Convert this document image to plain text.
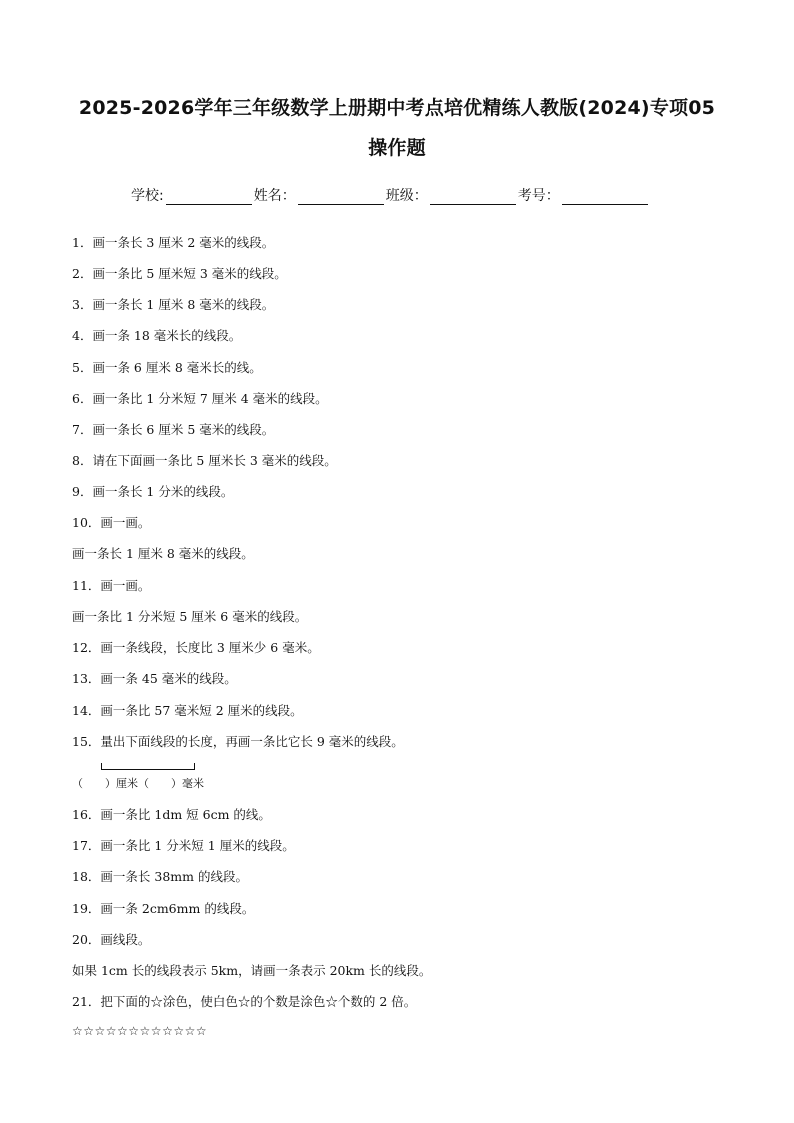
2025-2026学年三年级数学上册期中考点培优精练人教版(2024)专项05
操作题
学校:	姓名：	班级：	考号：
1．画一条长 3 厘米 2 毫米的线段。
2．画一条比 5 厘米短 3 毫米的线段。
3．画一条长 1 厘米 8 毫米的线段。
4．画一条 18 毫米长的线段。
5．画一条 6 厘米 8 毫米长的线。
6．画一条比 1 分米短 7 厘米 4 毫米的线段。
7．画一条长 6 厘米 5 毫米的线段。
8．请在下面画一条比 5 厘米长 3 毫米的线段。
9．画一条长 1 分米的线段。
10．画一画。
画一条长 1 厘米 8 毫米的线段。
11．画一画。
画一条比 1 分米短 5 厘米 6 毫米的线段。
12．画一条线段，长度比 3 厘米少 6 毫米。
13．画一条 45 毫米的线段。
14．画一条比 57 毫米短 2 厘米的线段。
15．量出下面线段的长度，再画一条比它长 9 毫米的线段。
（　　）厘米（　　）毫米
16．画一条比 1dm 短 6cm 的线。
17．画一条比 1 分米短 1 厘米的线段。
18．画一条长 38mm 的线段。
19．画一条 2cm6mm 的线段。
20．画线段。
如果 1cm 长的线段表示 5km，请画一条表示 20km 长的线段。
21．把下面的☆涂色，使白色☆的个数是涂色☆个数的 2 倍。
☆☆☆☆☆☆☆☆☆☆☆☆
